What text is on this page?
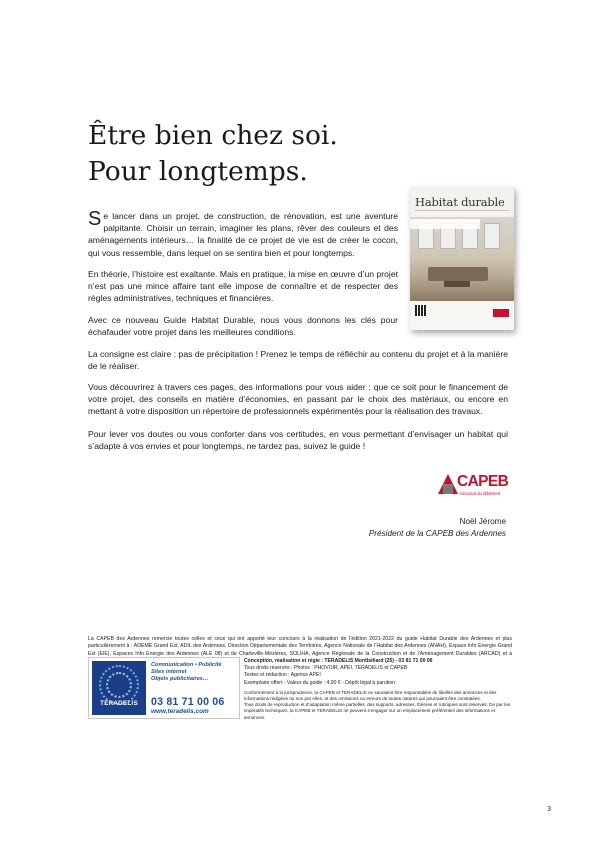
Être bien chez soi.
Pour longtemps.
Se lancer dans un projet, de construction, de rénovation, est une aventure palpitante. Choisir un terrain, imaginer les plans, rêver des couleurs et des aménagements intérieurs… la finalité de ce projet de vie est de créer le cocon, qui vous ressemble, dans lequel on se sentira bien et pour longtemps.
En théorie, l’histoire est exaltante. Mais en pratique, la mise en œuvre d’un projet n’est pas une mince affaire tant elle impose de connaître et de respecter des règles administratives, techniques et financières.
Avec ce nouveau Guide Habitat Durable, nous vous donnons les clés pour échafauder votre projet dans les meilleures conditions.
La consigne est claire : pas de précipitation ! Prenez le temps de réfléchir au contenu du projet et à la manière de le réaliser.
Vous découvrirez à travers ces pages, des informations pour vous aider : que ce soit pour le financement de votre projet, des conseils en matière d’économies, en passant par le choix des matériaux, ou encore en mettant à votre disposition un répertoire de professionnels expérimentés pour la réalisation des travaux.
Pour lever vos doutes ou vous conforter dans vos certitudes, en vous permettant d’envisager un habitat qui s’adapte à vos envies et pour longtemps, ne tardez pas, suivez le guide !
Habitat durable
CAPEB
Artisanat du Bâtiment
Noël Jérome
Président de la CAPEB des Ardennes
La CAPEB des Ardennes remercie toutes celles et ceux qui ont apporté leur concours à la réalisation de l’édition 2021-2022 du guide Habitat Durable des Ardennes et plus particulièrement à : ADEME Grand Est, ADIL des Ardennes, Direction Départementale des Territoires, Agence Nationale de l’Habitat des Ardennes (ANAH), Espace Info Energie Grand Est (EIE), Espaces Info Energie des Ardennes (ALE 08) et de Charleville-Mézières, SOLIHA, Agence Régionale de la Construction et de l’Aménagement Durables (ARCAD) et à
TERADELIS
Communication • Publicité
Sites internet
Objets publicitaires…
03 81 71 00 06
www.teradelis.com
Conception, réalisation et régie : TERADELIS Montbéliard (25) - 03 81 71 00 06
Tous droits réservés - Photos : PHOVOIR, APEI, TERADELIS et CAPEB
Textes et rédaction : Agence APEI
Exemplaire offert - Valeur du guide : 4,90 € - Dépôt légal à parution
Conformément à la jurisprudence, la CAPEB et TERADELIS ne sauraient être responsables de libellés des annonces et des informations rédigées ou non par elles, et des omissions ou erreurs de toutes natures qui pourraient être constatées.
Tous droits de reproduction et d’adaptation même partielles, des supports, adresses, thèmes et rubriques sont réservés. De par les impératifs techniques, la CAPEB et TERADELIS ne peuvent s’engager sur un emplacement préférentiel des informations et annonces.
3
